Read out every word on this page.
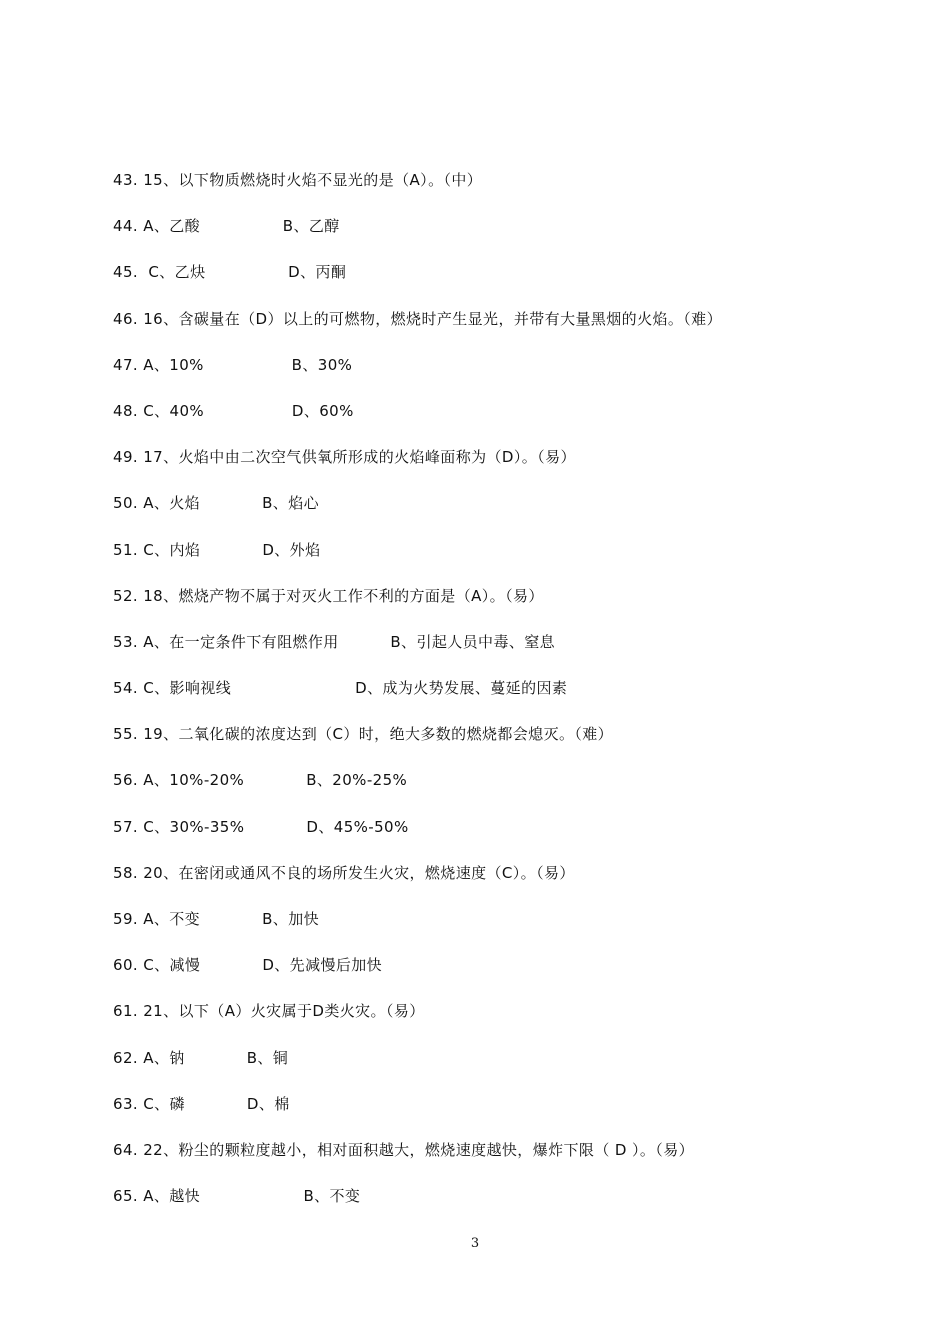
43. 15、以下物质燃烧时火焰不显光的是（A）。（中）
44. A、乙酸                B、乙醇
45.  C、乙炔                D、丙酮
46. 16、含碳量在（D）以上的可燃物，燃烧时产生显光，并带有大量黑烟的火焰。（难）
47. A、10%                 B、30%
48. C、40%                 D、60%
49. 17、火焰中由二次空气供氧所形成的火焰峰面称为（D）。（易）
50. A、火焰            B、焰心
51. C、内焰            D、外焰
52. 18、燃烧产物不属于对灭火工作不利的方面是（A）。（易）
53. A、在一定条件下有阻燃作用          B、引起人员中毒、窒息
54. C、影响视线                        D、成为火势发展、蔓延的因素
55. 19、二氧化碳的浓度达到（C）时，绝大多数的燃烧都会熄灭。（难）
56. A、10%-20%            B、20%-25%
57. C、30%-35%            D、45%-50%
58. 20、在密闭或通风不良的场所发生火灾，燃烧速度（C）。（易）
59. A、不变            B、加快
60. C、减慢            D、先减慢后加快
61. 21、以下（A）火灾属于D类火灾。（易）
62. A、钠            B、铜
63. C、磷            D、棉
64. 22、粉尘的颗粒度越小，相对面积越大，燃烧速度越快，爆炸下限（ D ）。（易）
65. A、越快                    B、不变
3
